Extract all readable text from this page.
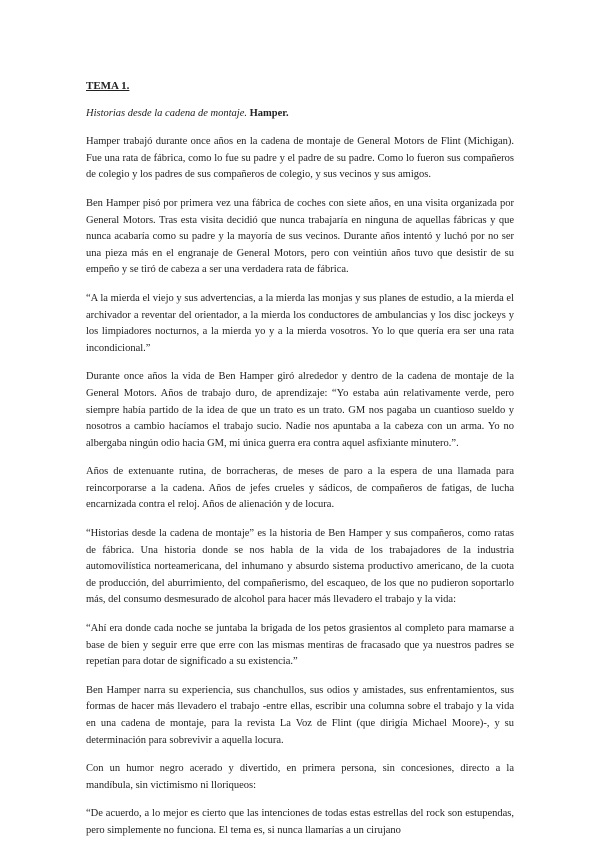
TEMA 1.
Historias desde la cadena de montaje. Hamper.

Hamper trabajó durante once años en la cadena de montaje de General Motors de Flint (Michigan). Fue una rata de fábrica, como lo fue su padre y el padre de su padre. Como lo fueron sus compañeros de colegio y los padres de sus compañeros de colegio, y sus vecinos y sus amigos.

Ben Hamper pisó por primera vez una fábrica de coches con siete años, en una visita organizada por General Motors. Tras esta visita decidió que nunca trabajaría en ninguna de aquellas fábricas y que nunca acabaría como su padre y la mayoría de sus vecinos. Durante años intentó y luchó por no ser una pieza más en el engranaje de General Motors, pero con veintiún años tuvo que desistir de su empeño y se tiró de cabeza a ser una verdadera rata de fábrica.

“A la mierda el viejo y sus advertencias, a la mierda las monjas y sus planes de estudio, a la mierda el archivador a reventar del orientador, a la mierda los conductores de ambulancias y los disc jockeys y los limpiadores nocturnos, a la mierda yo y a la mierda vosotros. Yo lo que quería era ser una rata incondicional.”

Durante once años la vida de Ben Hamper giró alrededor y dentro de la cadena de montaje de la General Motors. Años de trabajo duro, de aprendizaje: “Yo estaba aún relativamente verde, pero siempre había partido de la idea de que un trato es un trato. GM nos pagaba un cuantioso sueldo y nosotros a cambio hacíamos el trabajo sucio. Nadie nos apuntaba a la cabeza con un arma. Yo no albergaba ningún odio hacia GM, mi única guerra era contra aquel asfixiante minutero.”.

Años de extenuante rutina, de borracheras, de meses de paro a la espera de una llamada para reincorporarse a la cadena. Años de jefes crueles y sádicos, de compañeros de fatigas, de lucha encarnizada contra el reloj. Años de alienación y de locura.

“Historias desde la cadena de montaje” es la historia de Ben Hamper y sus compañeros, como ratas de fábrica. Una historia donde se nos habla de la vida de los trabajadores de la industria automovilística norteamericana, del inhumano y absurdo sistema productivo americano, de la cuota de producción, del aburrimiento, del compañerismo, del escaqueo, de los que no pudieron soportarlo más, del consumo desmesurado de alcohol para hacer más llevadero el trabajo y la vida:

“Ahí era donde cada noche se juntaba la brigada de los petos grasientos al completo para mamarse a base de bien y seguir erre que erre con las mismas mentiras de fracasado que ya nuestros padres se repetían para dotar de significado a su existencia.”

Ben Hamper narra su experiencia, sus chanchullos, sus odios y amistades, sus enfrentamientos, sus formas de hacer más llevadero el trabajo -entre ellas, escribir una columna sobre el trabajo y la vida en una cadena de montaje, para la revista La Voz de Flint (que dirigía Michael Moore)-, y su determinación para sobrevivir a aquella locura.

Con un humor negro acerado y divertido, en primera persona, sin concesiones, directo a la mandíbula, sin victimismo ni lloriqueos:

“De acuerdo, a lo mejor es cierto que las intenciones de todas estas estrellas del rock son estupendas, pero simplemente no funciona. El tema es, si nunca llamarías a un cirujano
